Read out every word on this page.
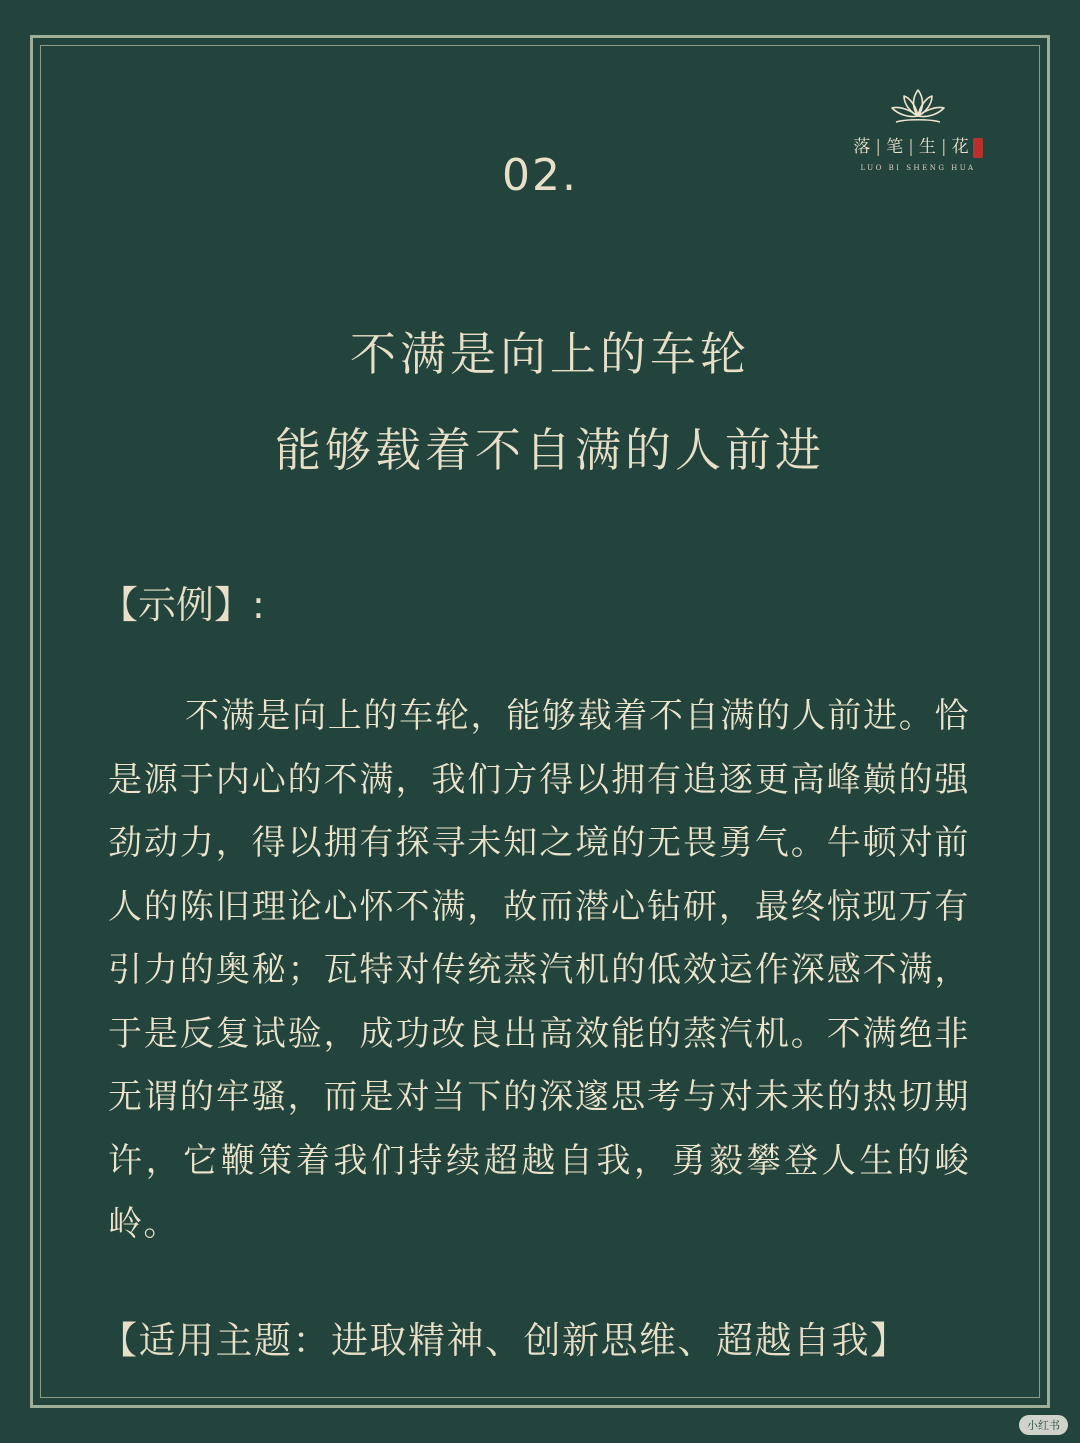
落 | 笔 | 生 | 花
LUO BI SHENG HUA
02.
不满是向上的车轮
能够载着不自满的人前进
【示例】:
不满是向上的车轮，能够载着不自满的人前进。恰是源于内心的不满，我们方得以拥有追逐更高峰巅的强劲动力，得以拥有探寻未知之境的无畏勇气。牛顿对前人的陈旧理论心怀不满，故而潜心钻研，最终惊现万有引力的奥秘；瓦特对传统蒸汽机的低效运作深感不满，于是反复试验，成功改良出高效能的蒸汽机。不满绝非无谓的牢骚，而是对当下的深邃思考与对未来的热切期许，它鞭策着我们持续超越自我，勇毅攀登人生的峻岭。
【适用主题：进取精神、创新思维、超越自我】
小红书
